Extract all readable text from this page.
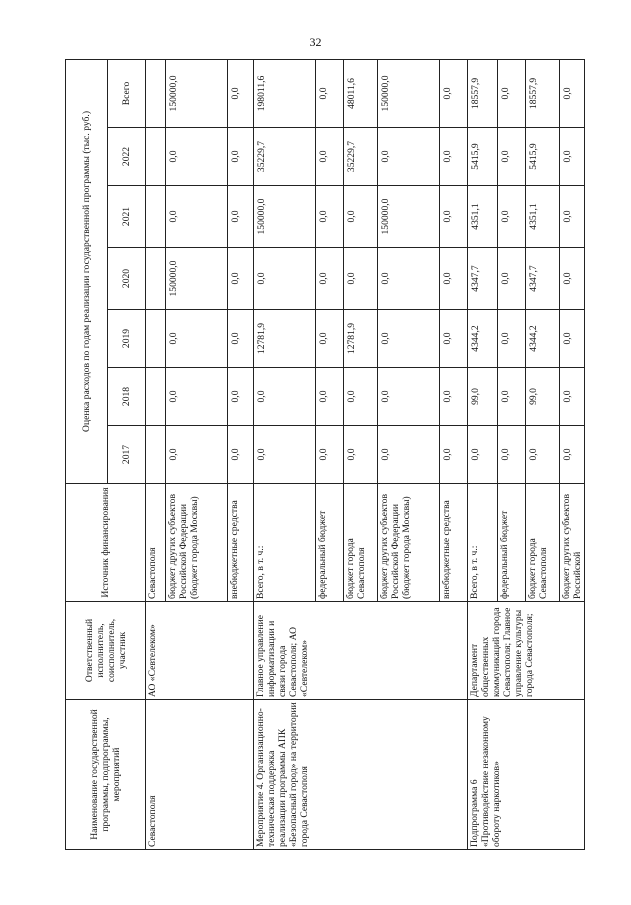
32
Наименование государственной программы, подпрограммы, мероприятий	Ответственный исполнитель, соисполнитель, участник	Источник финансирования	Оценка расходов по годам реализации государственной программы (тыс. руб.)						
			2017	2018	2019	2020	2021	2022	Всего
Севастополя	АО «Севтелеком»	Севастополя							
		бюджет других субъектов Российской Федерации (бюджет города Москвы)	0,0	0,0	0,0	150000,0	0,0	0,0	150000,0
		внебюджетные средства	0,0	0,0	0,0	0,0	0,0	0,0	0,0
Мероприятие 4. Организационно-техническая поддержка реализации программы АПК «Безопасный город» на территории города Севастополя	Главное управление информатизации и связи города Севастополя; АО «Севтелеком»	Всего, в т. ч.:	0,0	0,0	12781,9	0,0	150000,0	35229,7	198011,6
		федеральный бюджет	0,0	0,0	0,0	0,0	0,0	0,0	0,0
		бюджет города Севастополя	0,0	0,0	12781,9	0,0	0,0	35229,7	48011,6
		бюджет других субъектов Российской Федерации (бюджет города Москвы)	0,0	0,0	0,0	0,0	150000,0	0,0	150000,0
		внебюджетные средства	0,0	0,0	0,0	0,0	0,0	0,0	0,0
Подпрограмма 6 «Противодействие незаконному обороту наркотиков»	Департамент общественных коммуникаций города Севастополя; Главное управление культуры города Севастополя;	Всего, в т. ч.:	0,0	99,0	4344,2	4347,7	4351,1	5415,9	18557,9
		федеральный бюджет	0,0	0,0	0,0	0,0	0,0	0,0	0,0
		бюджет города Севастополя	0,0	99,0	4344,2	4347,7	4351,1	5415,9	18557,9
		бюджет других субъектов Российской	0,0	0,0	0,0	0,0	0,0	0,0	0,0
